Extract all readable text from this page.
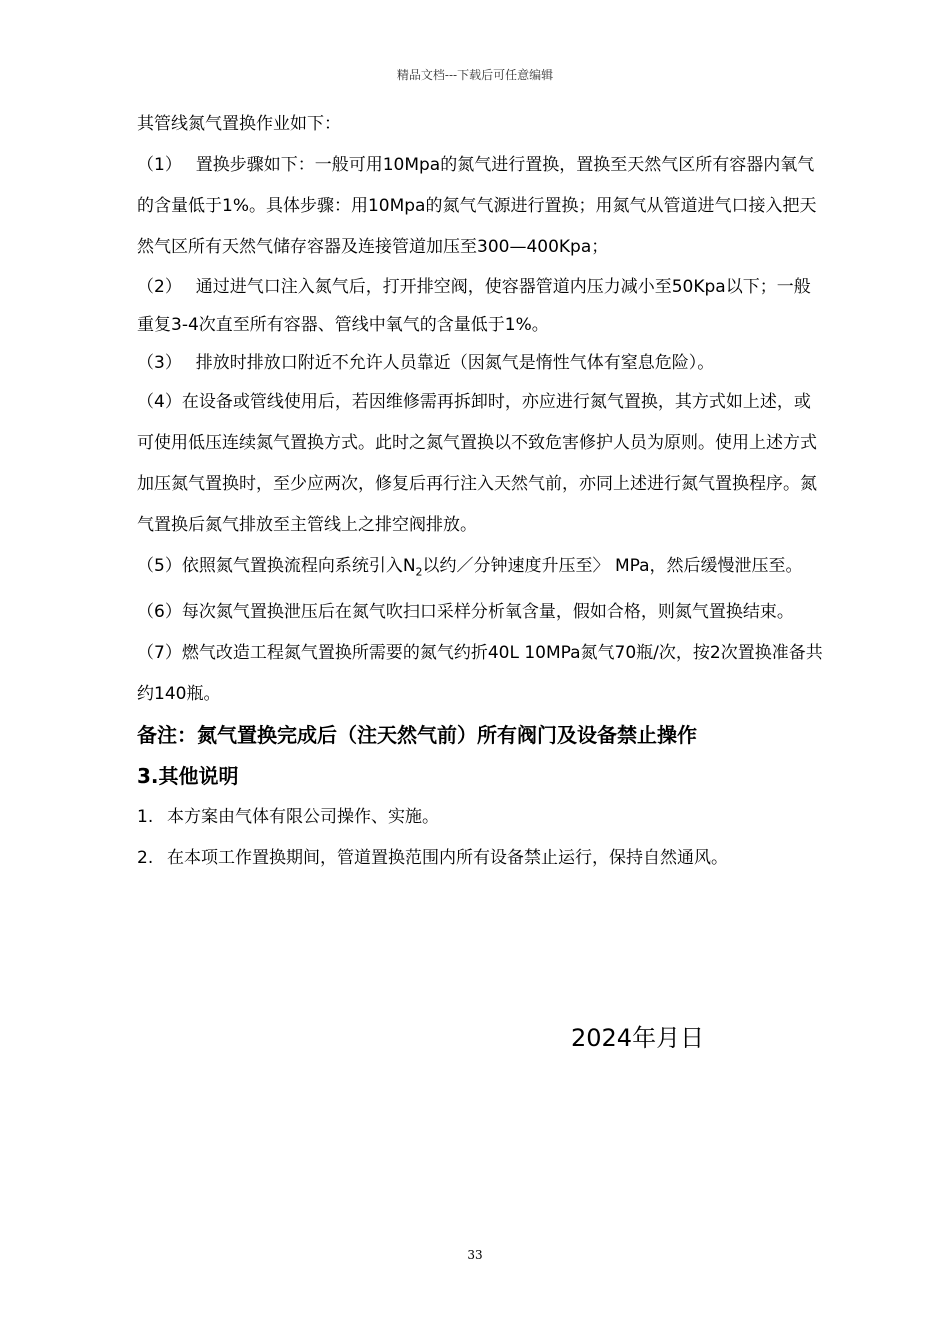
精品文档---下载后可任意编辑

其管线氮气置换作业如下：

（1）　 置换步骤如下：一般可用10Mpa的氮气进行置换，置换至天然气区所有容器内氧气的含量低于1%。具体步骤：用10Mpa的氮气气源进行置换；用氮气从管道进气口接入把天然气区所有天然气储存容器及连接管道加压至300—400Kpa；

（2）　 通过进气口注入氮气后，打开排空阀，使容器管道内压力减小至50Kpa以下；一般重复3-4次直至所有容器、管线中氧气的含量低于1%。

（3）　 排放时排放口附近不允许人员靠近（因氮气是惰性气体有窒息危险）。

（4）在设备或管线使用后，若因维修需再拆卸时，亦应进行氮气置换，其方式如上述，或可使用低压连续氮气置换方式。此时之氮气置换以不致危害修护人员为原则。使用上述方式加压氮气置换时，至少应两次，修复后再行注入天然气前，亦同上述进行氮气置换程序。氮气置换后氮气排放至主管线上之排空阀排放。

（5）依照氮气置换流程向系统引入$N_2$以约／分钟速度升压至〉 MPa，然后缓慢泄压至。

（6）每次氮气置换泄压后在氮气吹扫口采样分析氧含量，假如合格，则氮气置换结束。

（7）燃气改造工程氮气置换所需要的氮气约折40L 10MPa氮气70瓶/次，按2次置换准备共约140瓶。

备注：氮气置换完成后（注天然气前）所有阀门及设备禁止操作

3.其他说明

1. 本方案由气体有限公司操作、实施。

2. 在本项工作置换期间，管道置换范围内所有设备禁止运行，保持自然通风。

2024年月日
33
